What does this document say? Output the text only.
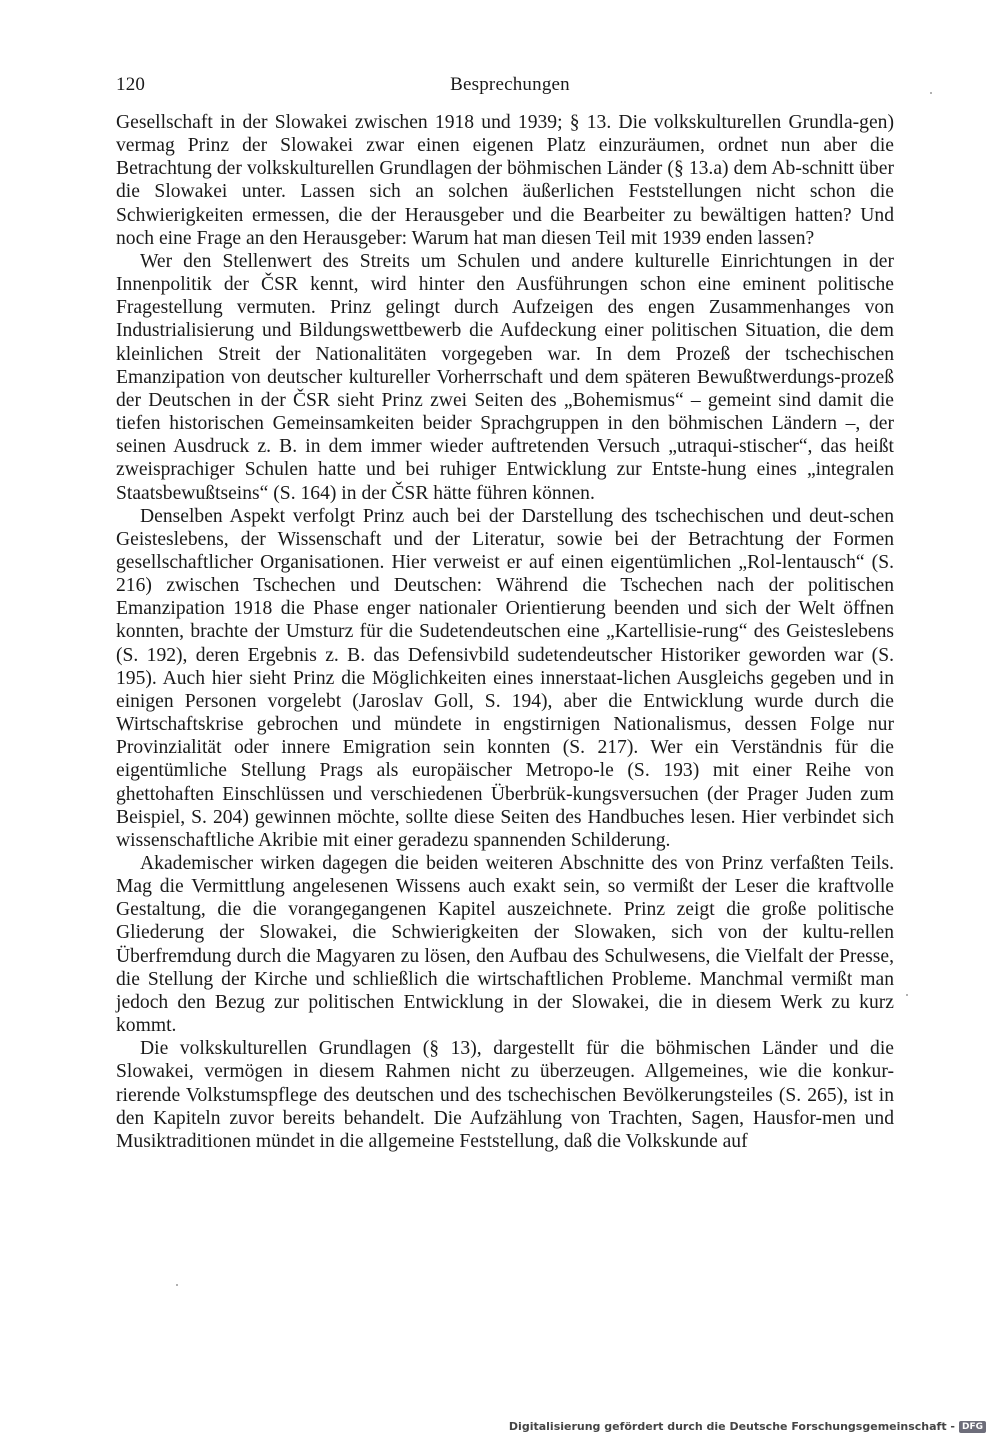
120	Besprechungen

Gesellschaft in der Slowakei zwischen 1918 und 1939; § 13. Die volkskulturellen Grundla-gen) vermag Prinz der Slowakei zwar einen eigenen Platz einzuräumen, ordnet nun aber die Betrachtung der volkskulturellen Grundlagen der böhmischen Länder (§ 13.a) dem Ab-schnitt über die Slowakei unter. Lassen sich an solchen äußerlichen Feststellungen nicht schon die Schwierigkeiten ermessen, die der Herausgeber und die Bearbeiter zu bewältigen hatten? Und noch eine Frage an den Herausgeber: Warum hat man diesen Teil mit 1939 enden lassen?

Wer den Stellenwert des Streits um Schulen und andere kulturelle Einrichtungen in der Innenpolitik der ČSR kennt, wird hinter den Ausführungen schon eine eminent politische Fragestellung vermuten. Prinz gelingt durch Aufzeigen des engen Zusammenhanges von Industrialisierung und Bildungswettbewerb die Aufdeckung einer politischen Situation, die dem kleinlichen Streit der Nationalitäten vorgegeben war. In dem Prozeß der tschechischen Emanzipation von deutscher kultureller Vorherrschaft und dem späteren Bewußtwerdungs-prozeß der Deutschen in der ČSR sieht Prinz zwei Seiten des „Bohemismus“ – gemeint sind damit die tiefen historischen Gemeinsamkeiten beider Sprachgruppen in den böhmischen Ländern –, der seinen Ausdruck z. B. in dem immer wieder auftretenden Versuch „utraqui-stischer“, das heißt zweisprachiger Schulen hatte und bei ruhiger Entwicklung zur Entste-hung eines „integralen Staatsbewußtseins“ (S. 164) in der ČSR hätte führen können.

Denselben Aspekt verfolgt Prinz auch bei der Darstellung des tschechischen und deut-schen Geisteslebens, der Wissenschaft und der Literatur, sowie bei der Betrachtung der Formen gesellschaftlicher Organisationen. Hier verweist er auf einen eigentümlichen „Rol-lentausch“ (S. 216) zwischen Tschechen und Deutschen: Während die Tschechen nach der politischen Emanzipation 1918 die Phase enger nationaler Orientierung beenden und sich der Welt öffnen konnten, brachte der Umsturz für die Sudetendeutschen eine „Kartellisie-rung“ des Geisteslebens (S. 192), deren Ergebnis z. B. das Defensivbild sudetendeutscher Historiker geworden war (S. 195). Auch hier sieht Prinz die Möglichkeiten eines innerstaat-lichen Ausgleichs gegeben und in einigen Personen vorgelebt (Jaroslav Goll, S. 194), aber die Entwicklung wurde durch die Wirtschaftskrise gebrochen und mündete in engstirnigen Nationalismus, dessen Folge nur Provinzialität oder innere Emigration sein konnten (S. 217). Wer ein Verständnis für die eigentümliche Stellung Prags als europäischer Metropo-le (S. 193) mit einer Reihe von ghettohaften Einschlüssen und verschiedenen Überbrük-kungsversuchen (der Prager Juden zum Beispiel, S. 204) gewinnen möchte, sollte diese Seiten des Handbuches lesen. Hier verbindet sich wissenschaftliche Akribie mit einer geradezu spannenden Schilderung.

Akademischer wirken dagegen die beiden weiteren Abschnitte des von Prinz verfaßten Teils. Mag die Vermittlung angelesenen Wissens auch exakt sein, so vermißt der Leser die kraftvolle Gestaltung, die die vorangegangenen Kapitel auszeichnete. Prinz zeigt die große politische Gliederung der Slowakei, die Schwierigkeiten der Slowaken, sich von der kultu-rellen Überfremdung durch die Magyaren zu lösen, den Aufbau des Schulwesens, die Vielfalt der Presse, die Stellung der Kirche und schließlich die wirtschaftlichen Probleme. Manchmal vermißt man jedoch den Bezug zur politischen Entwicklung in der Slowakei, die in diesem Werk zu kurz kommt.

Die volkskulturellen Grundlagen (§ 13), dargestellt für die böhmischen Länder und die Slowakei, vermögen in diesem Rahmen nicht zu überzeugen. Allgemeines, wie die konkur-rierende Volkstumspflege des deutschen und des tschechischen Bevölkerungsteiles (S. 265), ist in den Kapiteln zuvor bereits behandelt. Die Aufzählung von Trachten, Sagen, Hausfor-men und Musiktraditionen mündet in die allgemeine Feststellung, daß die Volkskunde auf

Digitalisierung gefördert durch die Deutsche Forschungsgemeinschaft - DFG
